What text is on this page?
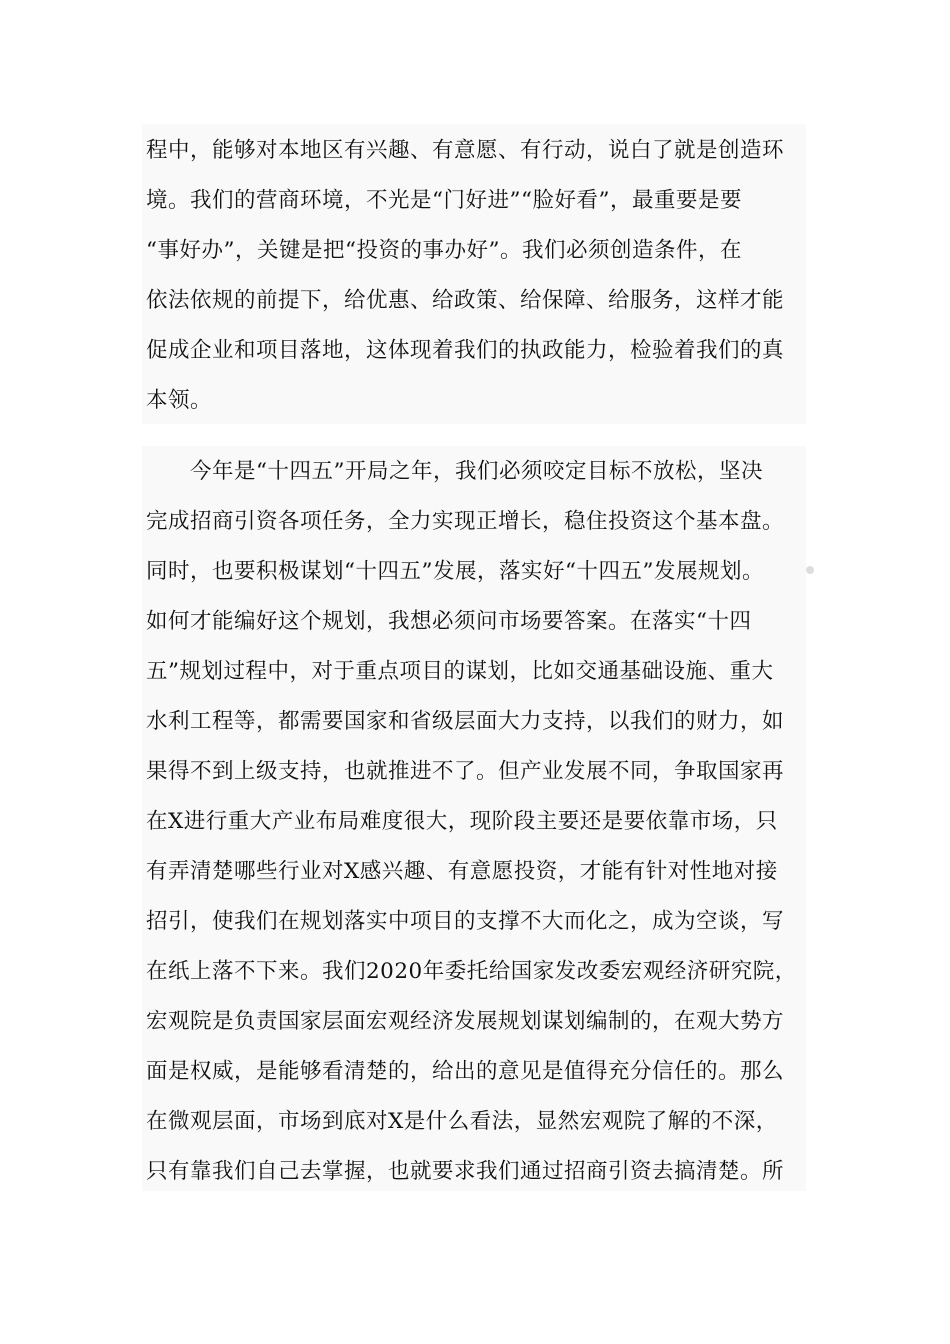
程中，能够对本地区有兴趣、有意愿、有行动，说白了就是创造环
境。我们的营商环境，不光是“门好进”“脸好看”，最重要是要
“事好办”，关键是把“投资的事办好”。我们必须创造条件，在
依法依规的前提下，给优惠、给政策、给保障、给服务，这样才能
促成企业和项目落地，这体现着我们的执政能力，检验着我们的真
本领。
　　今年是“十四五”开局之年，我们必须咬定目标不放松，坚决
完成招商引资各项任务，全力实现正增长，稳住投资这个基本盘。
同时，也要积极谋划“十四五”发展，落实好“十四五”发展规划。
如何才能编好这个规划，我想必须问市场要答案。在落实“十四
五”规划过程中，对于重点项目的谋划，比如交通基础设施、重大
水利工程等，都需要国家和省级层面大力支持，以我们的财力，如
果得不到上级支持，也就推进不了。但产业发展不同，争取国家再
在X进行重大产业布局难度很大，现阶段主要还是要依靠市场，只
有弄清楚哪些行业对X感兴趣、有意愿投资，才能有针对性地对接
招引，使我们在规划落实中项目的支撑不大而化之，成为空谈，写
在纸上落不下来。我们2020年委托给国家发改委宏观经济研究院，
宏观院是负责国家层面宏观经济发展规划谋划编制的，在观大势方
面是权威，是能够看清楚的，给出的意见是值得充分信任的。那么
在微观层面，市场到底对X是什么看法，显然宏观院了解的不深，
只有靠我们自己去掌握，也就要求我们通过招商引资去搞清楚。所
